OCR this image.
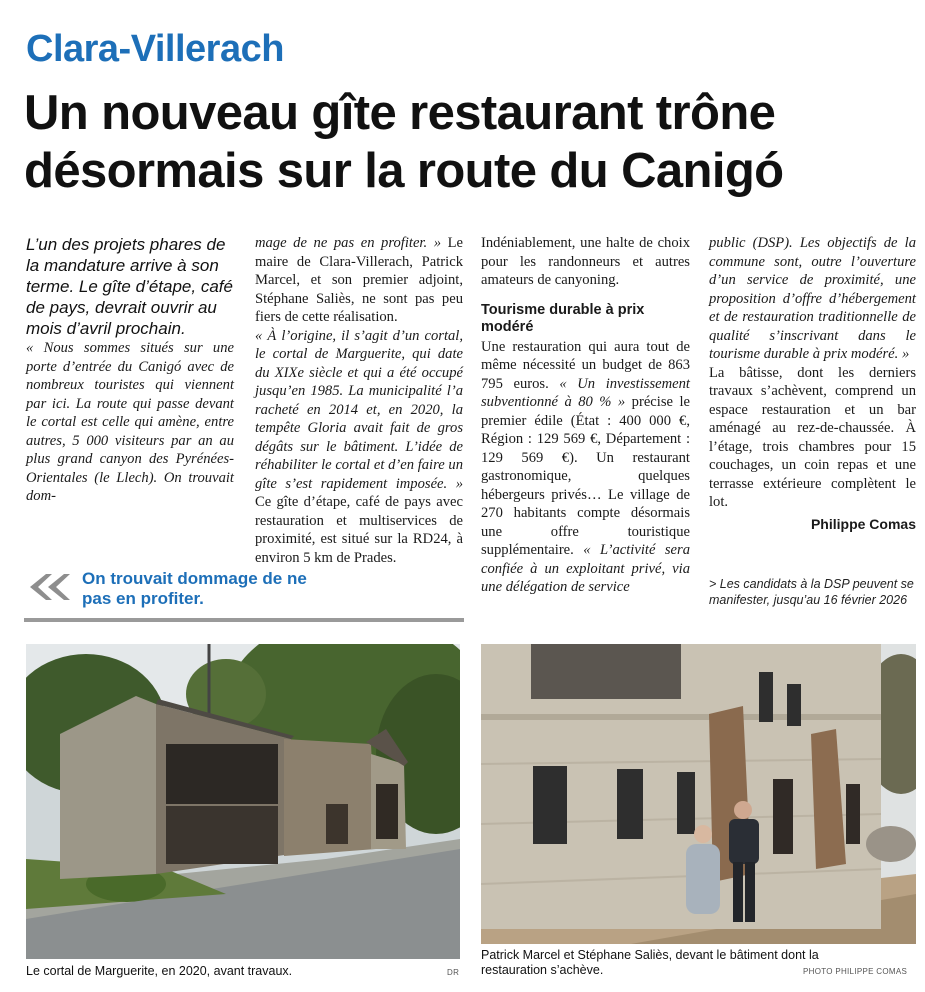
Clara-Villerach
Un nouveau gîte restaurant trône désormais sur la route du Canigó

L’un des projets phares de la mandature arrive à son terme. Le gîte d’étape, café de pays, devrait ouvrir au mois d’avril prochain.

« Nous sommes situés sur une porte d’entrée du Canigó avec de nombreux touristes qui viennent par ici. La route qui passe devant le cortal est celle qui amène, entre autres, 5 000 visiteurs par an au plus grand canyon des Pyrénées-Orientales (le Llech). On trouvait dom-

mage de ne pas en profiter. » Le maire de Clara-Villerach, Patrick Marcel, et son premier adjoint, Stéphane Saliès, ne sont pas peu fiers de cette réalisation.

« À l’origine, il s’agit d’un cortal, le cortal de Marguerite, qui date du XIXe siècle et qui a été occupé jusqu’en 1985. La municipalité l’a racheté en 2014 et, en 2020, la tempête Gloria avait fait de gros dégâts sur le bâtiment. L’idée de réhabiliter le cortal et d’en faire un gîte s’est rapidement imposée. » Ce gîte d’étape, café de pays avec restauration et multiservices de proximité, est situé sur la RD24, à environ 5 km de Prades.

Indéniablement, une halte de choix pour les randonneurs et autres amateurs de canyoning.

Tourisme durable à prix modéré

Une restauration qui aura tout de même nécessité un budget de 863 795 euros. « Un investissement subventionné à 80 % » précise le premier édile (État : 400 000 €, Région : 129 569 €, Département : 129 569 €). Un restaurant gastronomique, quelques hébergeurs privés… Le village de 270 habitants compte désormais une offre touristique supplémentaire. « L’activité sera confiée à un exploitant privé, via une délégation de service

public (DSP). Les objectifs de la commune sont, outre l’ouverture d’un service de proximité, une proposition d’offre d’hébergement et de restauration traditionnelle de qualité s’inscrivant dans le tourisme durable à prix modéré. »

La bâtisse, dont les derniers travaux s’achèvent, comprend un espace restauration et un bar aménagé au rez-de-chaussée. À l’étage, trois chambres pour 15 couchages, un coin repas et une terrasse extérieure complètent le lot.

Philippe Comas
> Les candidats à la DSP peuvent se manifester, jusqu’au 16 février 2026
On trouvait dommage de ne pas en profiter.
Le cortal de Marguerite, en 2020, avant travaux.	DR
Patrick Marcel et Stéphane Saliès, devant le bâtiment dont la restauration s’achève.	PHOTO PHILIPPE COMAS
